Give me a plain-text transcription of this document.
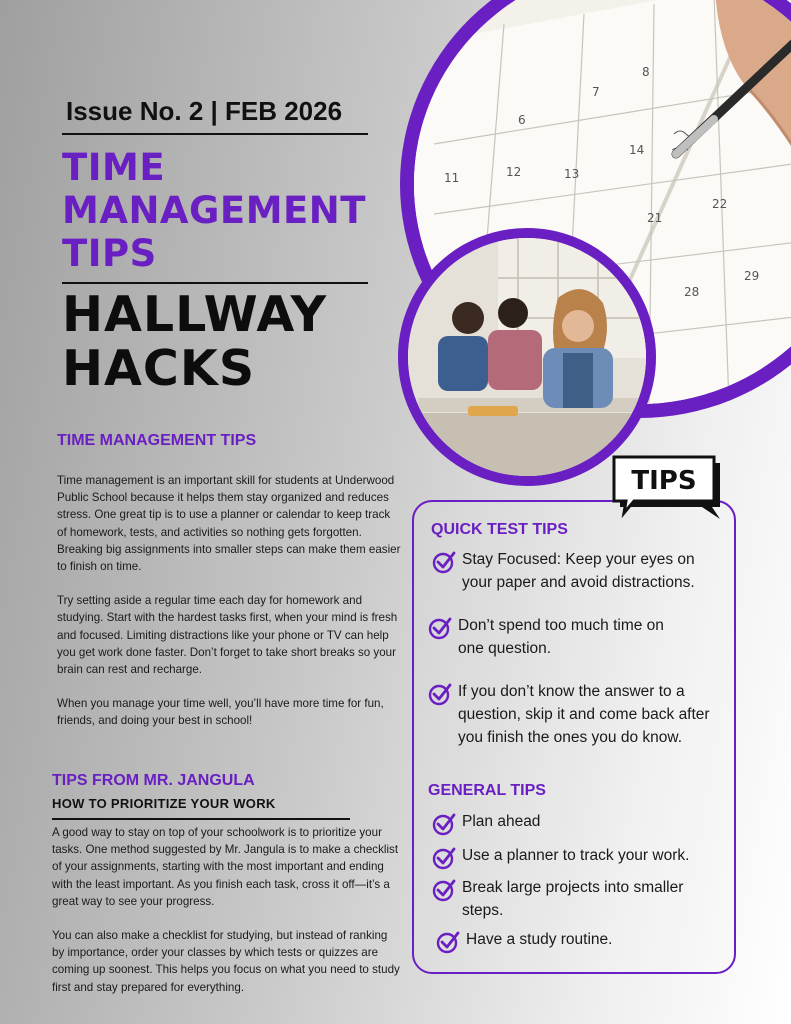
Issue No. 2 | FEB 2026
TIME
MANAGEMENT
TIPS
HALLWAY
HACKS
6
7
8
11	12	13
14
21
22
28
29
TIME MANAGEMENT TIPS

Time management is an important skill for students at Underwood Public School because it helps them stay organized and reduces stress. One great tip is to use a planner or calendar to keep track of homework, tests, and activities so nothing gets forgotten. Breaking big assignments into smaller steps can make them easier to finish on time.

Try setting aside a regular time each day for homework and studying. Start with the hardest tasks first, when your mind is fresh and focused. Limiting distractions like your phone or TV can help you get work done faster. Don’t forget to take short breaks so your brain can rest and recharge.

When you manage your time well, you’ll have more time for fun, friends, and doing your best in school!

TIPS FROM MR. JANGULA
HOW TO PRIORITIZE YOUR WORK

A good way to stay on top of your schoolwork is to prioritize your tasks. One method suggested by Mr. Jangula is to make a checklist of your assignments, starting with the most important and ending with the least important. As you finish each task, cross it off—it’s a great way to see your progress.

You can also make a checklist for studying, but instead of ranking by importance, order your classes by which tests or quizzes are coming up soonest. This helps you focus on what you need to study first and stay prepared for everything.

TIPS
QUICK TEST TIPS
Stay Focused: Keep your eyes on your paper and avoid distractions.
Don’t spend too much time on one question.
If you don’t know the answer to a question, skip it and come back after you finish the ones you do know.
GENERAL TIPS
Plan ahead
Use a planner to track your work.
Break large projects into smaller steps.
Have a study routine.
